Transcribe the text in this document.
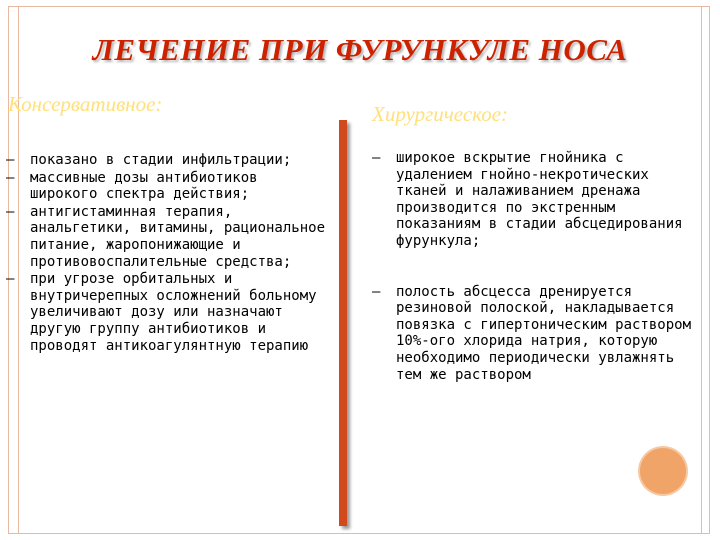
ЛЕЧЕНИЕ ПРИ ФУРУНКУЛЕ НОСА
Консервативное:	Хирургическое:
— показано в стадии инфильтрации;
— массивные дозы антибиотиков широкого спектра действия;
— антигистаминная терапия, анальгетики, витамины, рациональное питание, жаропонижающие и противовоспалительные средства;
— при угрозе орбитальных и внутричерепных осложнений больному увеличивают дозу или назначают другую группу антибиотиков и проводят антикоагулянтную терапию
— широкое вскрытие гнойника с удалением гнойно-некротических тканей и налаживанием дренажа производится по экстренным показаниям в стадии абсцедирования фурункула;
— полость абсцесса дренируется резиновой полоской, накладывается повязка с гипертоническим раствором 10%-ого хлорида натрия, которую необходимо периодически увлажнять тем же раствором
